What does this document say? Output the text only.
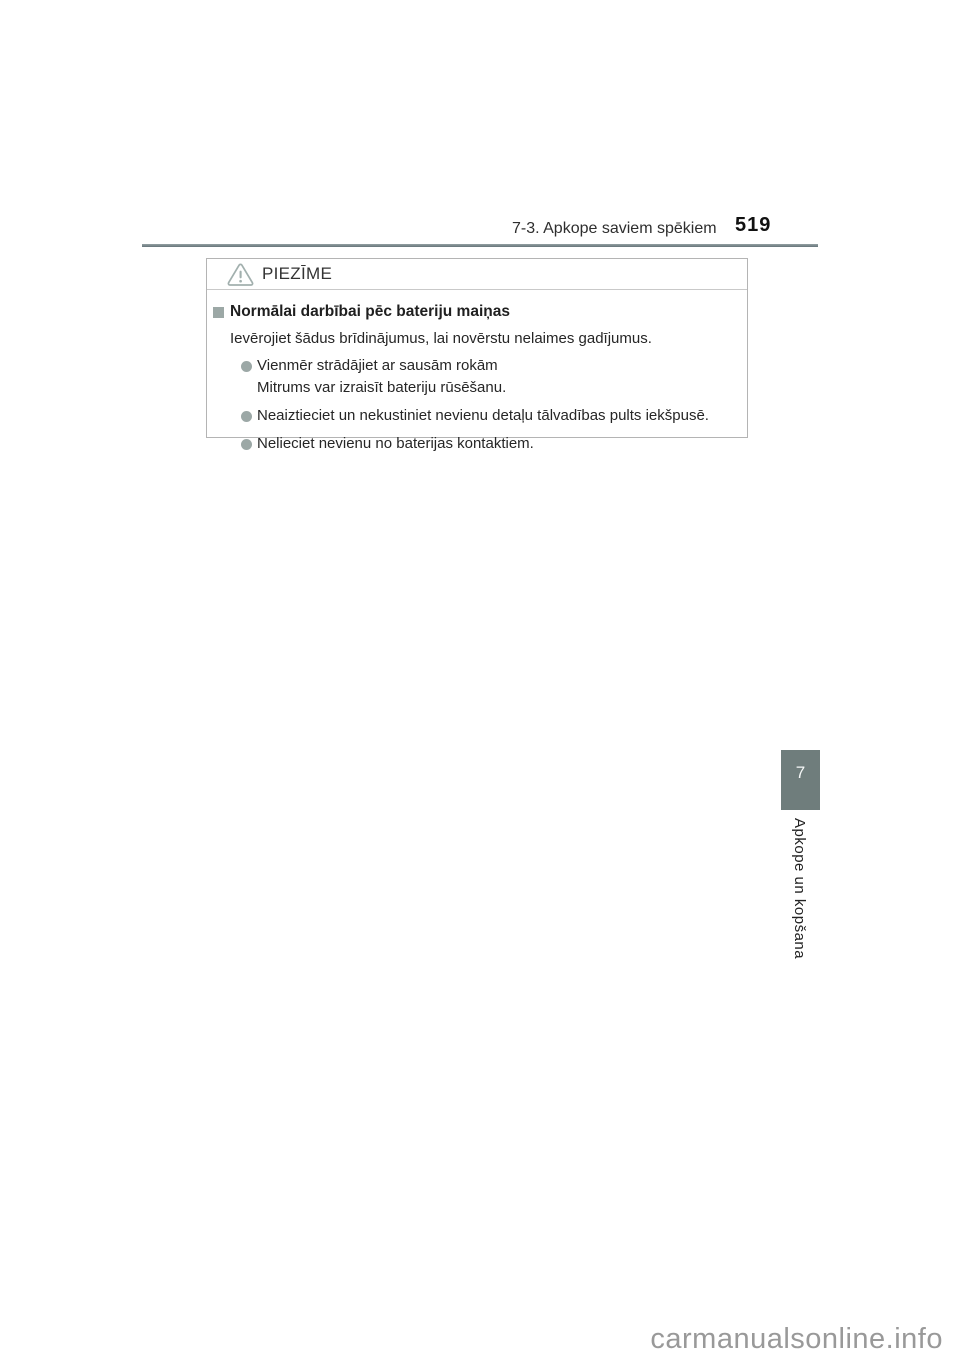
7-3. Apkope saviem spēkiem 519
PIEZĪME
Normālai darbībai pēc bateriju maiņas

Ievērojiet šādus brīdinājumus, lai novērstu nelaimes gadījumus.

Vienmēr strādājiet ar sausām rokām
Mitrums var izraisīt bateriju rūsēšanu.
Neaiztieciet un nekustiniet nevienu detaļu tālvadības pults iekšpusē.
Nelieciet nevienu no baterijas kontaktiem.
7
Apkope un kopšana
carmanualsonline.info
